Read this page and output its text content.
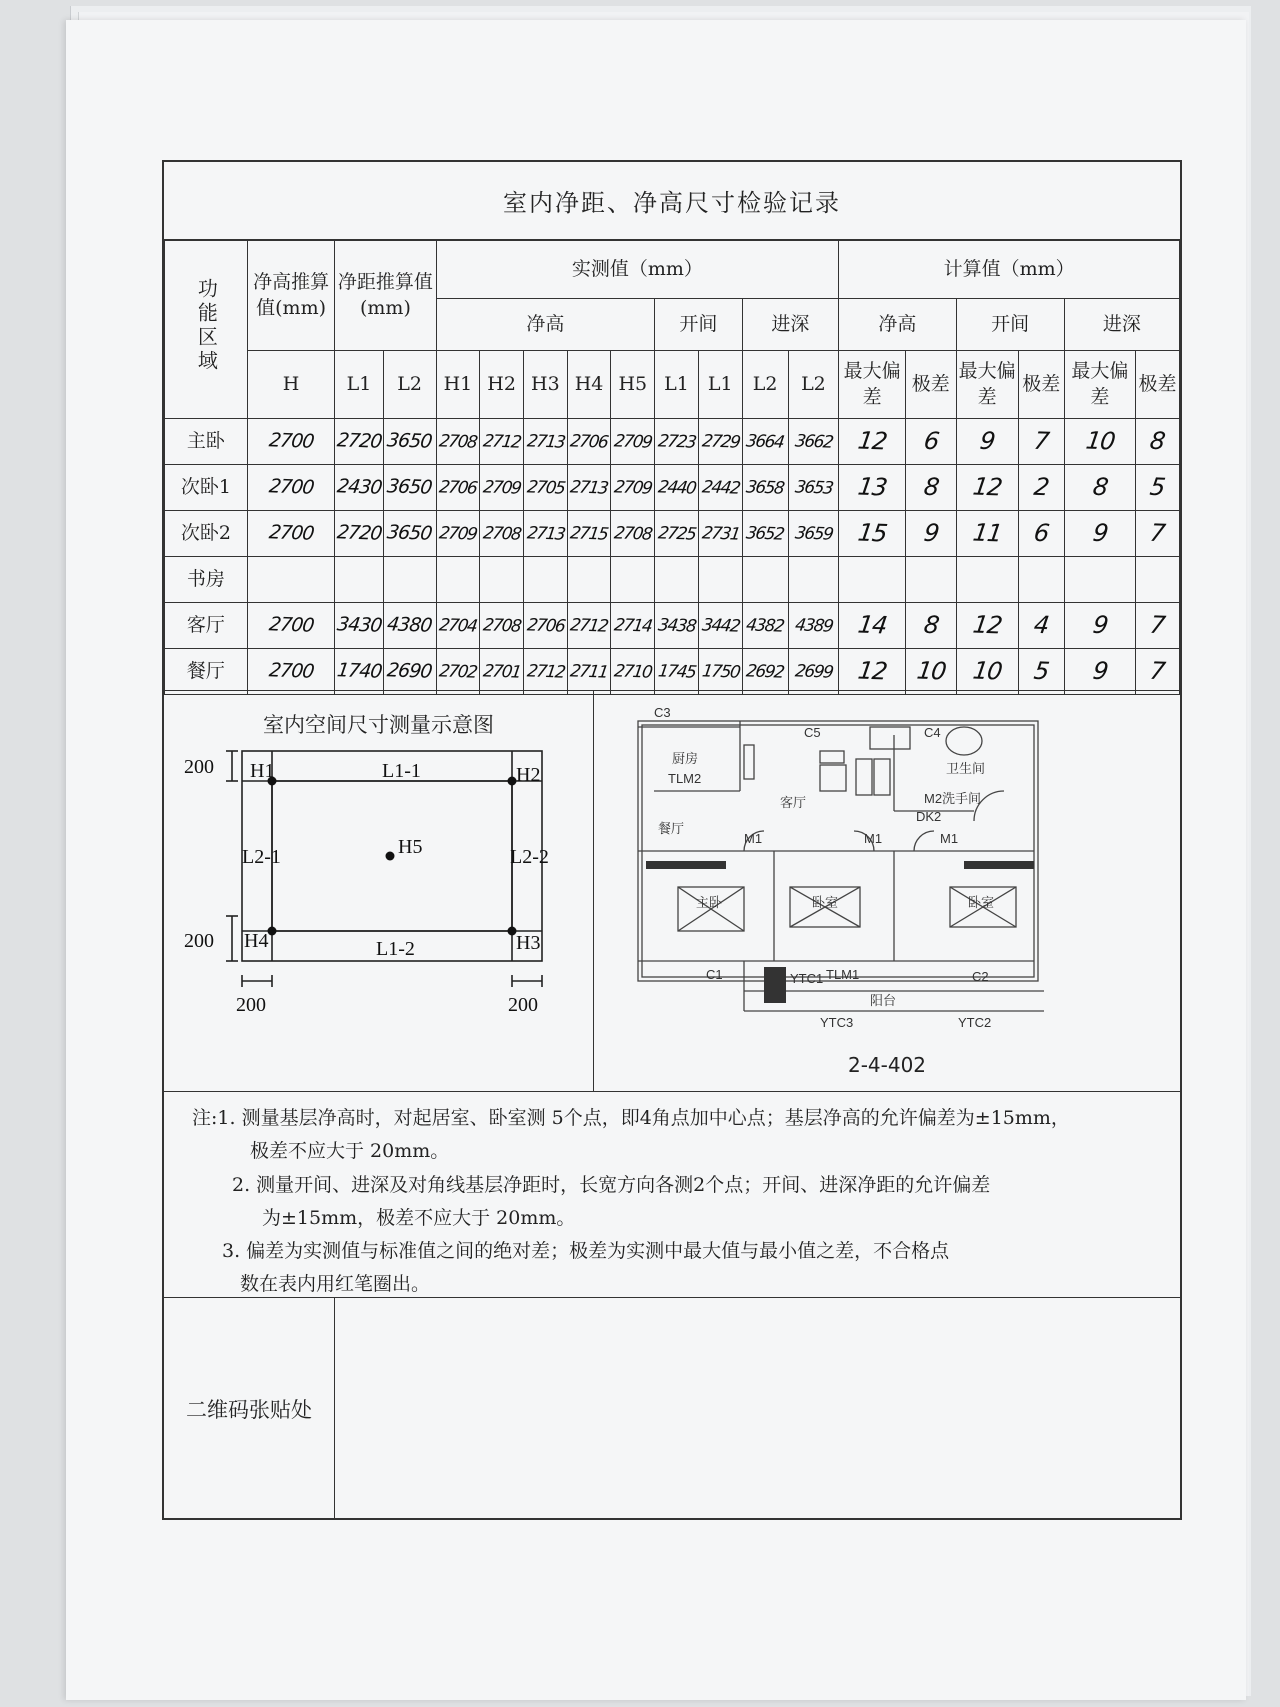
室内净距、净高尺寸检验记录
功能区域	净高推算值(mm)	净距推算值(mm)		实测值（mm）									计算值（mm）					
				净高					开间		进深		净高		开间		进深	
	H	L1	L2	H1	H2	H3	H4	H5	L1	L1	L2	L2	最大偏差	极差	最大偏差	极差	最大偏差	极差
主卧	2700	2720	3650	2708	2712	2713	2706	2709	2723	2729	3664	3662	12	6	9	7	10	8
次卧1	2700	2430	3650	2706	2709	2705	2713	2709	2440	2442	3658	3653	13	8	12	2	8	5
次卧2	2700	2720	3650	2709	2708	2713	2715	2708	2725	2731	3652	3659	15	9	11	6	9	7
书房																		
客厅	2700	3430	4380	2704	2708	2706	2712	2714	3438	3442	4382	4389	14	8	12	4	9	7
餐厅	2700	1740	2690	2702	2701	2712	2711	2710	1745	1750	2692	2699	12	10	10	5	9	7
室内空间尺寸测量示意图
H1	H2
H3
H4
H5
L1-1
L1-2
L2-1	L2-2
200
200
200	200
C3
C5	C4
厨房
TLM2
客厅
餐厅
卫生间
M2洗手间
DK2
M1	M1	M1
主卧	卧室	卧室
C1	C2
TLM1
阳台
YTC3	YTC2
YTC1
2-4-402

注:1. 测量基层净高时，对起居室、卧室测 5个点，即4角点加中心点；基层净高的允许偏差为±15mm，

极差不应大于 20mm。

2. 测量开间、进深及对角线基层净距时，长宽方向各测2个点；开间、进深净距的允许偏差

为±15mm，极差不应大于 20mm。

3. 偏差为实测值与标准值之间的绝对差；极差为实测中最大值与最小值之差，不合格点

数在表内用红笔圈出。

二维码张贴处
